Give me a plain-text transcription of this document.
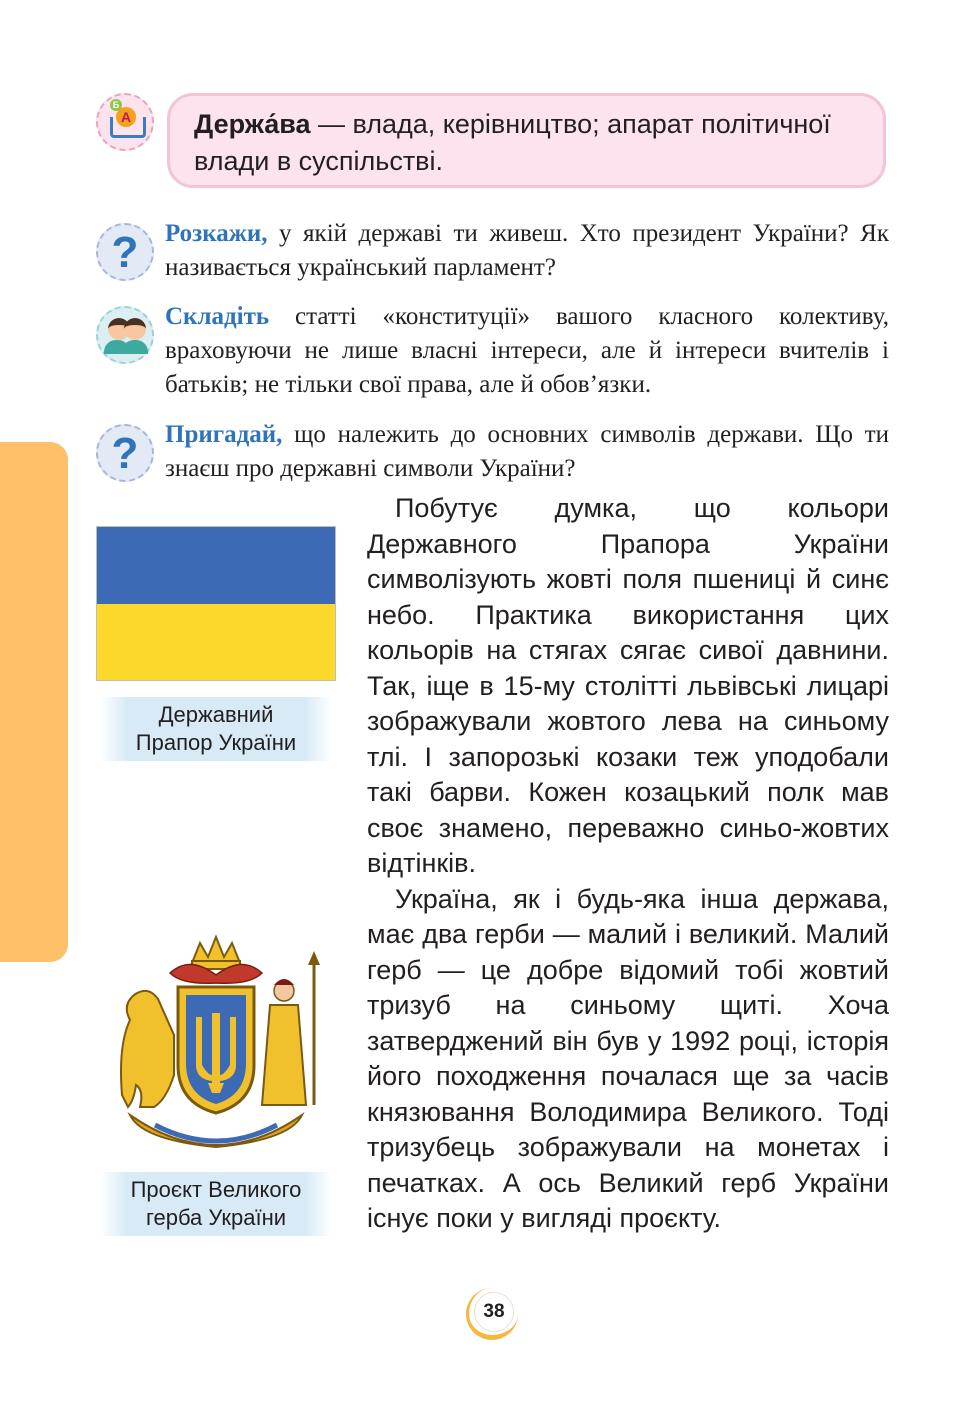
А
Б
Держа́ва — влада, керівництво; апарат політичної влади в суспільстві.
?	Розкажи, у якій державі ти живеш. Хто президент України? Як називається український парламент?
Складіть статті «конституції» вашого класного колективу, враховуючи не лише власні інтереси, але й інтереси вчителів і батьків; не тільки свої права, але й обов’язки.
?	Пригадай, що належить до основних символів держави. Що ти знаєш про державні символи України?
Державний
Прапор України
Проєкт Великого
герба України

Побутує думка, що кольори Державного Прапора України символізують жовті поля пшениці й синє небо. Практика використання цих кольорів на стягах сягає сивої давнини. Так, іще в 15-му столітті львівські лицарі зображували жовтого лева на синьому тлі. І запорозькі козаки теж уподобали такі барви. Кожен козацький полк мав своє знамено, переважно синьо-жовтих відтінків.

Україна, як і будь-яка інша держава, має два герби — малий і великий. Малий герб — це добре відомий тобі жовтий тризуб на синьому щиті. Хоча затверджений він був у 1992 році, історія його походження почалася ще за часів князювання Володимира Великого. Тоді тризубець зображували на монетах і печатках. А ось Великий герб України існує поки у вигляді проєкту.

38
